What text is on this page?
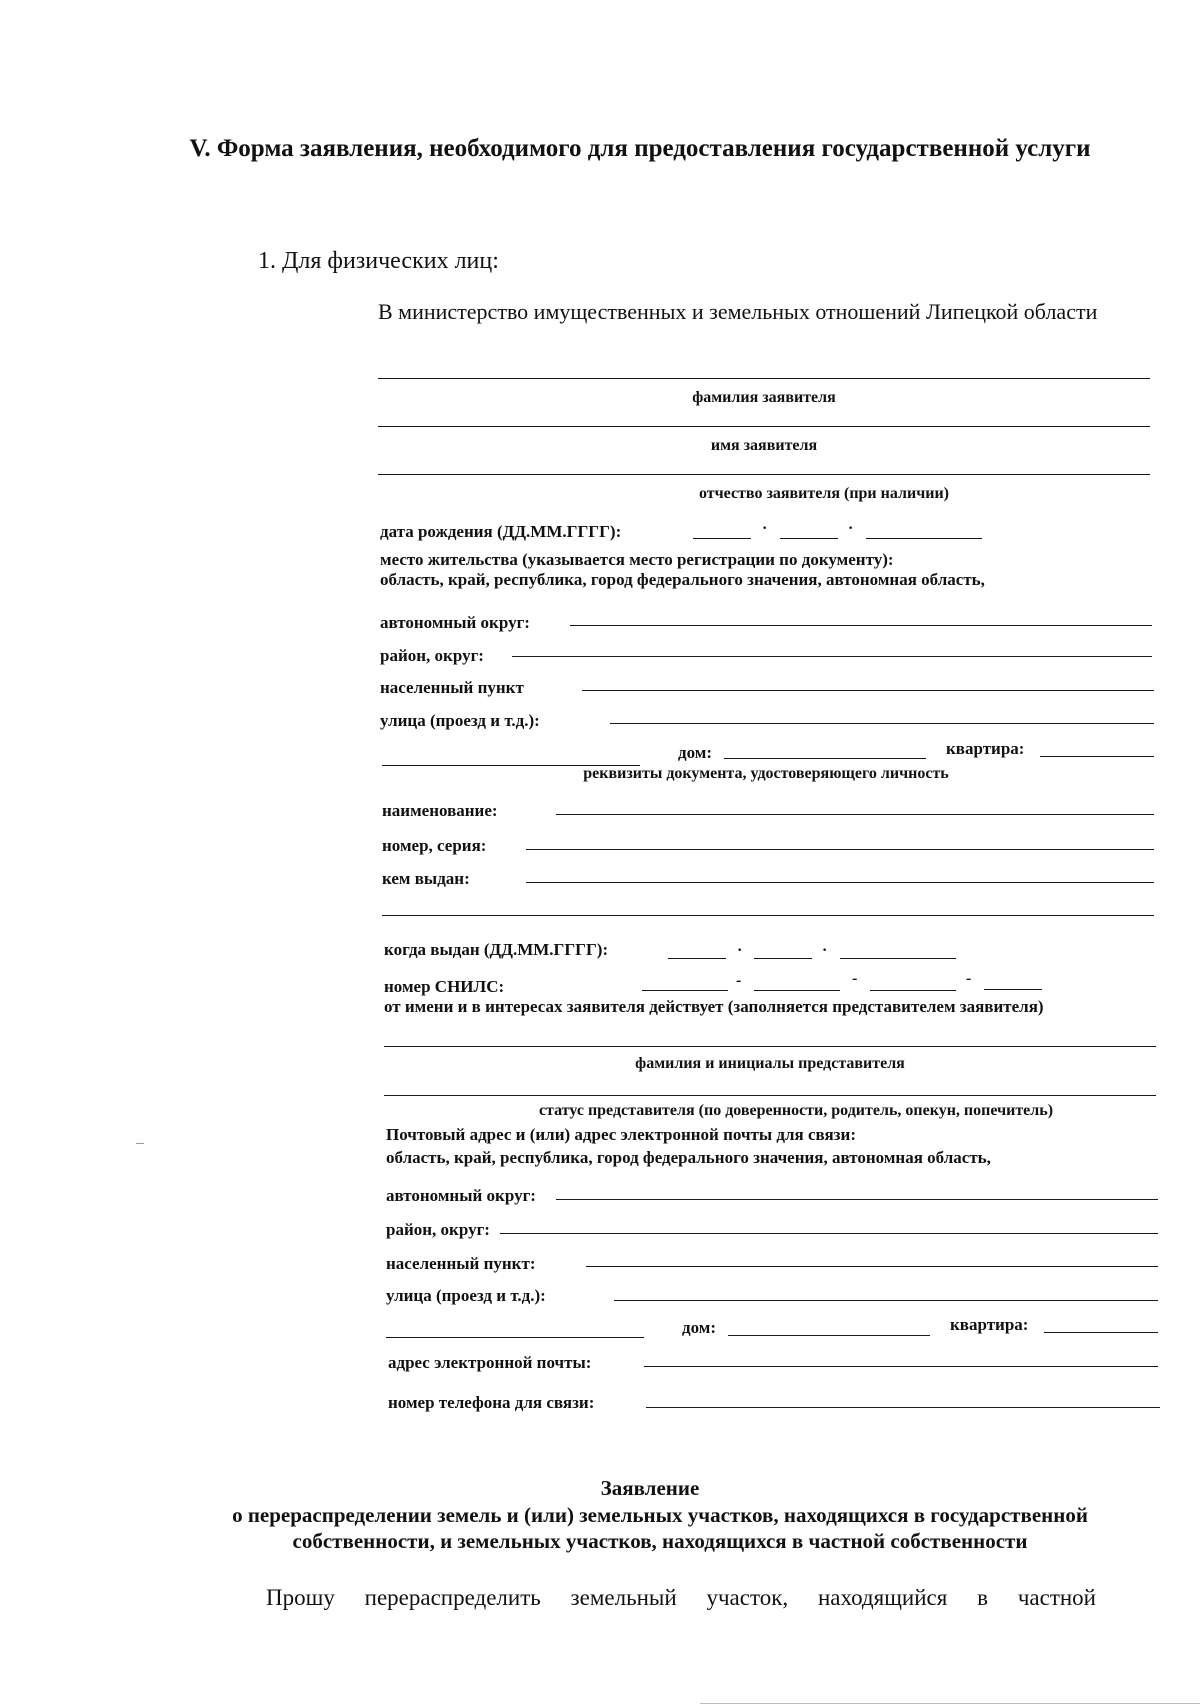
V. Форма заявления, необходимого для предоставления государственной услуги
1. Для физических лиц:
В министерство имущественных и земельных отношений Липецкой области
фамилия заявителя
имя заявителя
отчество заявителя (при наличии)
дата рождения (ДД.ММ.ГГГГ):	·	·
место жительства (указывается место регистрации по документу):
область, край, республика, город федерального значения, автономная область,
автономный округ:
район, округ:
населенный пункт
улица (проезд и т.д.):
дом:	квартира:
реквизиты документа, удостоверяющего личность
наименование:
номер, серия:
кем выдан:
когда выдан (ДД.ММ.ГГГГ):	·	·
номер СНИЛС:	-	-	-
от имени и в интересах заявителя действует (заполняется представителем заявителя)
фамилия и инициалы представителя
статус представителя (по доверенности, родитель, опекун, попечитель)
Почтовый адрес и (или) адрес электронной почты для связи:
область, край, республика, город федерального значения, автономная область,
автономный округ:
район, округ:
населенный пункт:
улица (проезд и т.д.):
дом:	квартира:
адрес электронной почты:
номер телефона для связи:
Заявление
о перераспределении земель и (или) земельных участков, находящихся в государственной
собственности, и земельных участков, находящихся в частной собственности
Прошу перераспределить земельный участок, находящийся в частной
